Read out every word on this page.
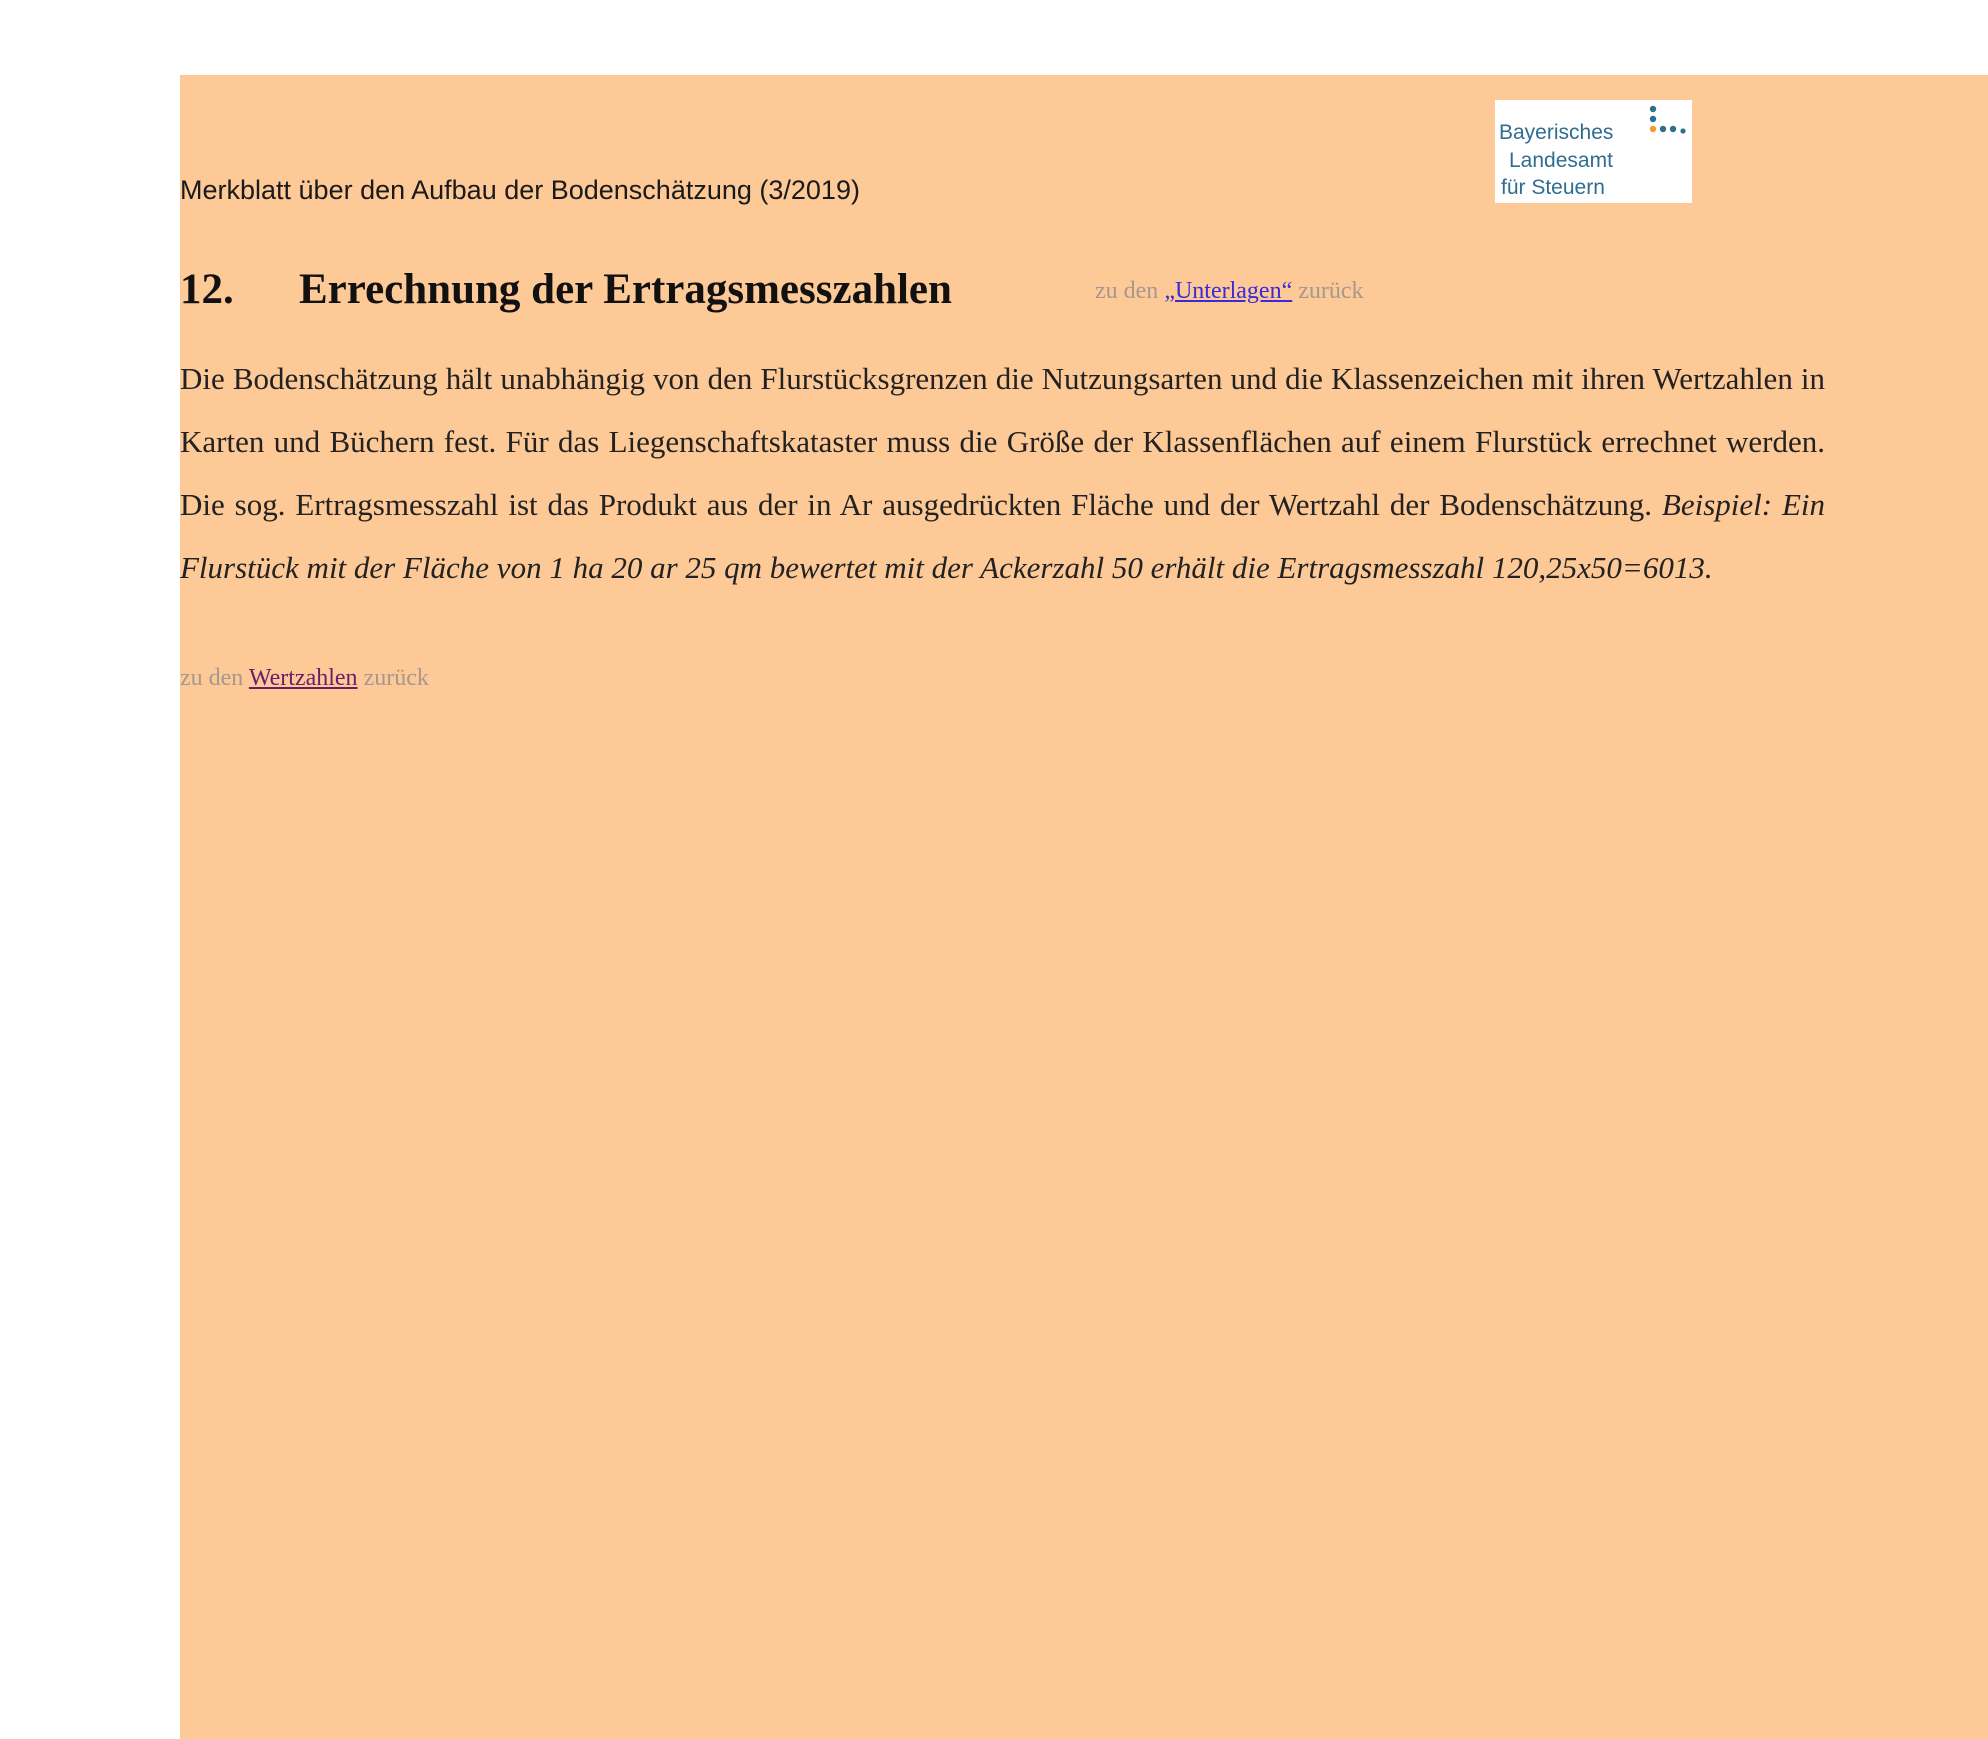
Merkblatt über den Aufbau der Bodenschätzung (3/2019)
Bayerisches
Landesamt
für Steuern
12. Errechnung der Ertragsmesszahlen	zu den „Unterlagen“ zurück

Die Bodenschätzung hält unabhängig von den Flurstücksgrenzen die Nutzungsarten und die Klassenzeichen mit ihren Wertzahlen in Karten und Büchern fest. Für das Liegenschaftskataster muss die Größe der Klassenflächen auf einem Flurstück errechnet werden. Die sog. Ertragsmesszahl ist das Produkt aus der in Ar ausgedrückten Fläche und der Wertzahl der Bodenschätzung. Beispiel: Ein Flurstück mit der Fläche von 1 ha 20 ar 25 qm bewertet mit der Ackerzahl 50 erhält die Ertragsmesszahl 120,25x50=6013.

zu den Wertzahlen zurück
